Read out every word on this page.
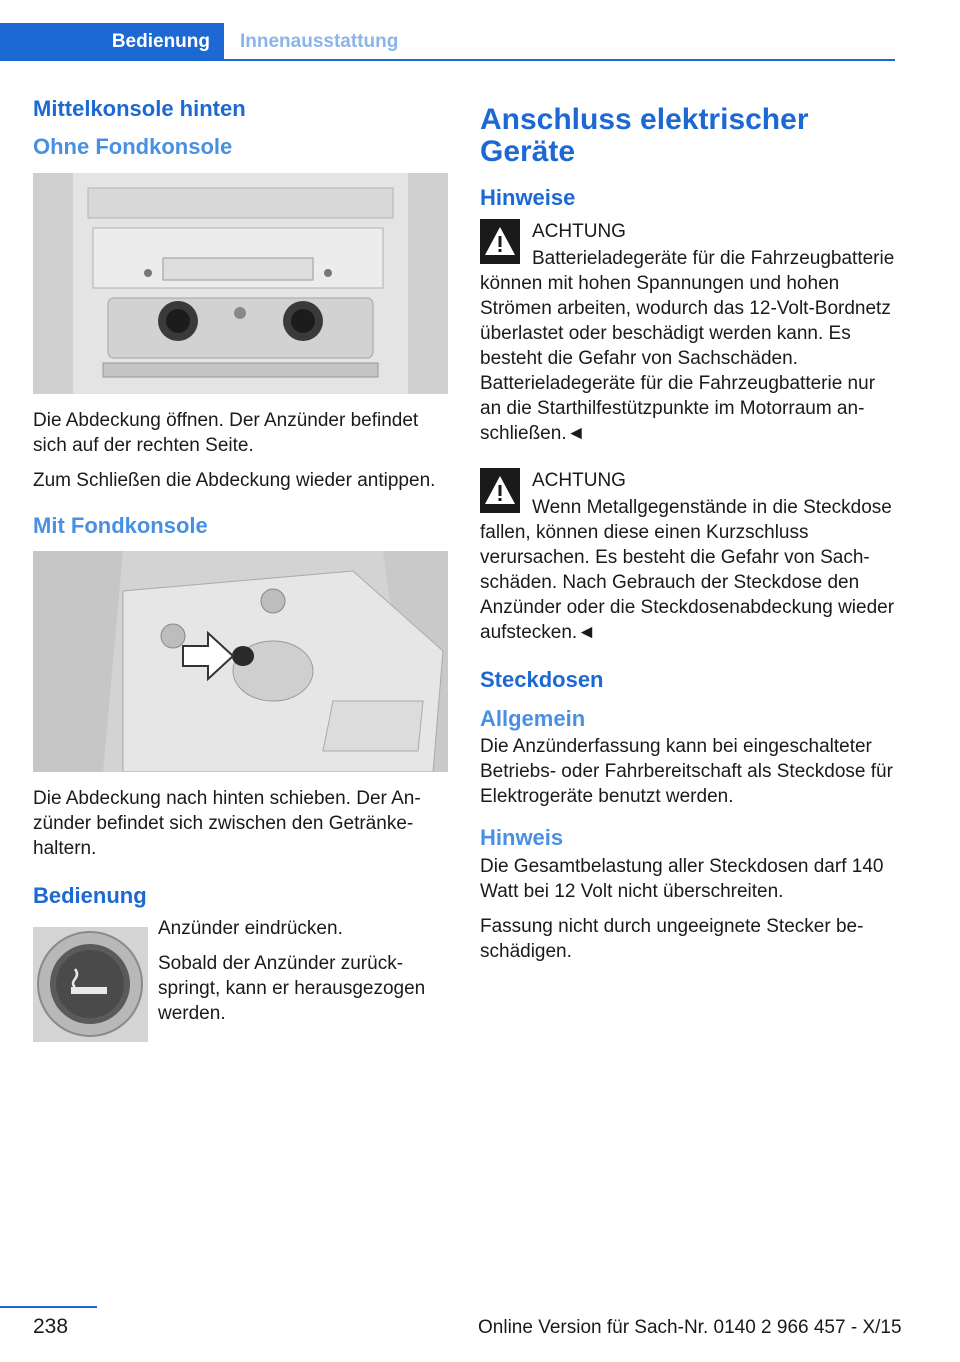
Bedienung	Innenausstattung
Mittelkonsole hinten
Ohne Fondkonsole

Die Abdeckung öffnen. Der Anzünder befindet sich auf der rechten Seite.

Zum Schließen die Abdeckung wieder antippen.

Mit Fondkonsole

Die Abdeckung nach hinten schieben. Der Anzünder befindet sich zwischen den Getränkehaltern.

Bedienung

Anzünder eindrücken.

Sobald der Anzünder zurückspringt, kann er herausgezogen werden.

Anschluss elektrischer Geräte
Hinweise

ACHTUNG

Batterieladegeräte für die Fahrzeugbatterie können mit hohen Spannungen und hohen Strömen arbeiten, wodurch das 12-Volt-Bordnetz überlastet oder beschädigt werden kann. Es besteht die Gefahr von Sachschäden. Batterieladegeräte für die Fahrzeugbatterie nur an die Starthilfestützpunkte im Motorraum anschließen.◄

ACHTUNG

Wenn Metallgegenstände in die Steckdose fallen, können diese einen Kurzschluss verursachen. Es besteht die Gefahr von Sachschäden. Nach Gebrauch der Steckdose den Anzünder oder die Steckdosenabdeckung wieder aufstecken.◄

Steckdosen
Allgemein

Die Anzünderfassung kann bei eingeschalteter Betriebs- oder Fahrbereitschaft als Steckdose für Elektrogeräte benutzt werden.

Hinweis

Die Gesamtbelastung aller Steckdosen darf 140 Watt bei 12 Volt nicht überschreiten.

Fassung nicht durch ungeeignete Stecker beschädigen.

238	Online Version für Sach-Nr. 0140 2 966 457 - X/15
